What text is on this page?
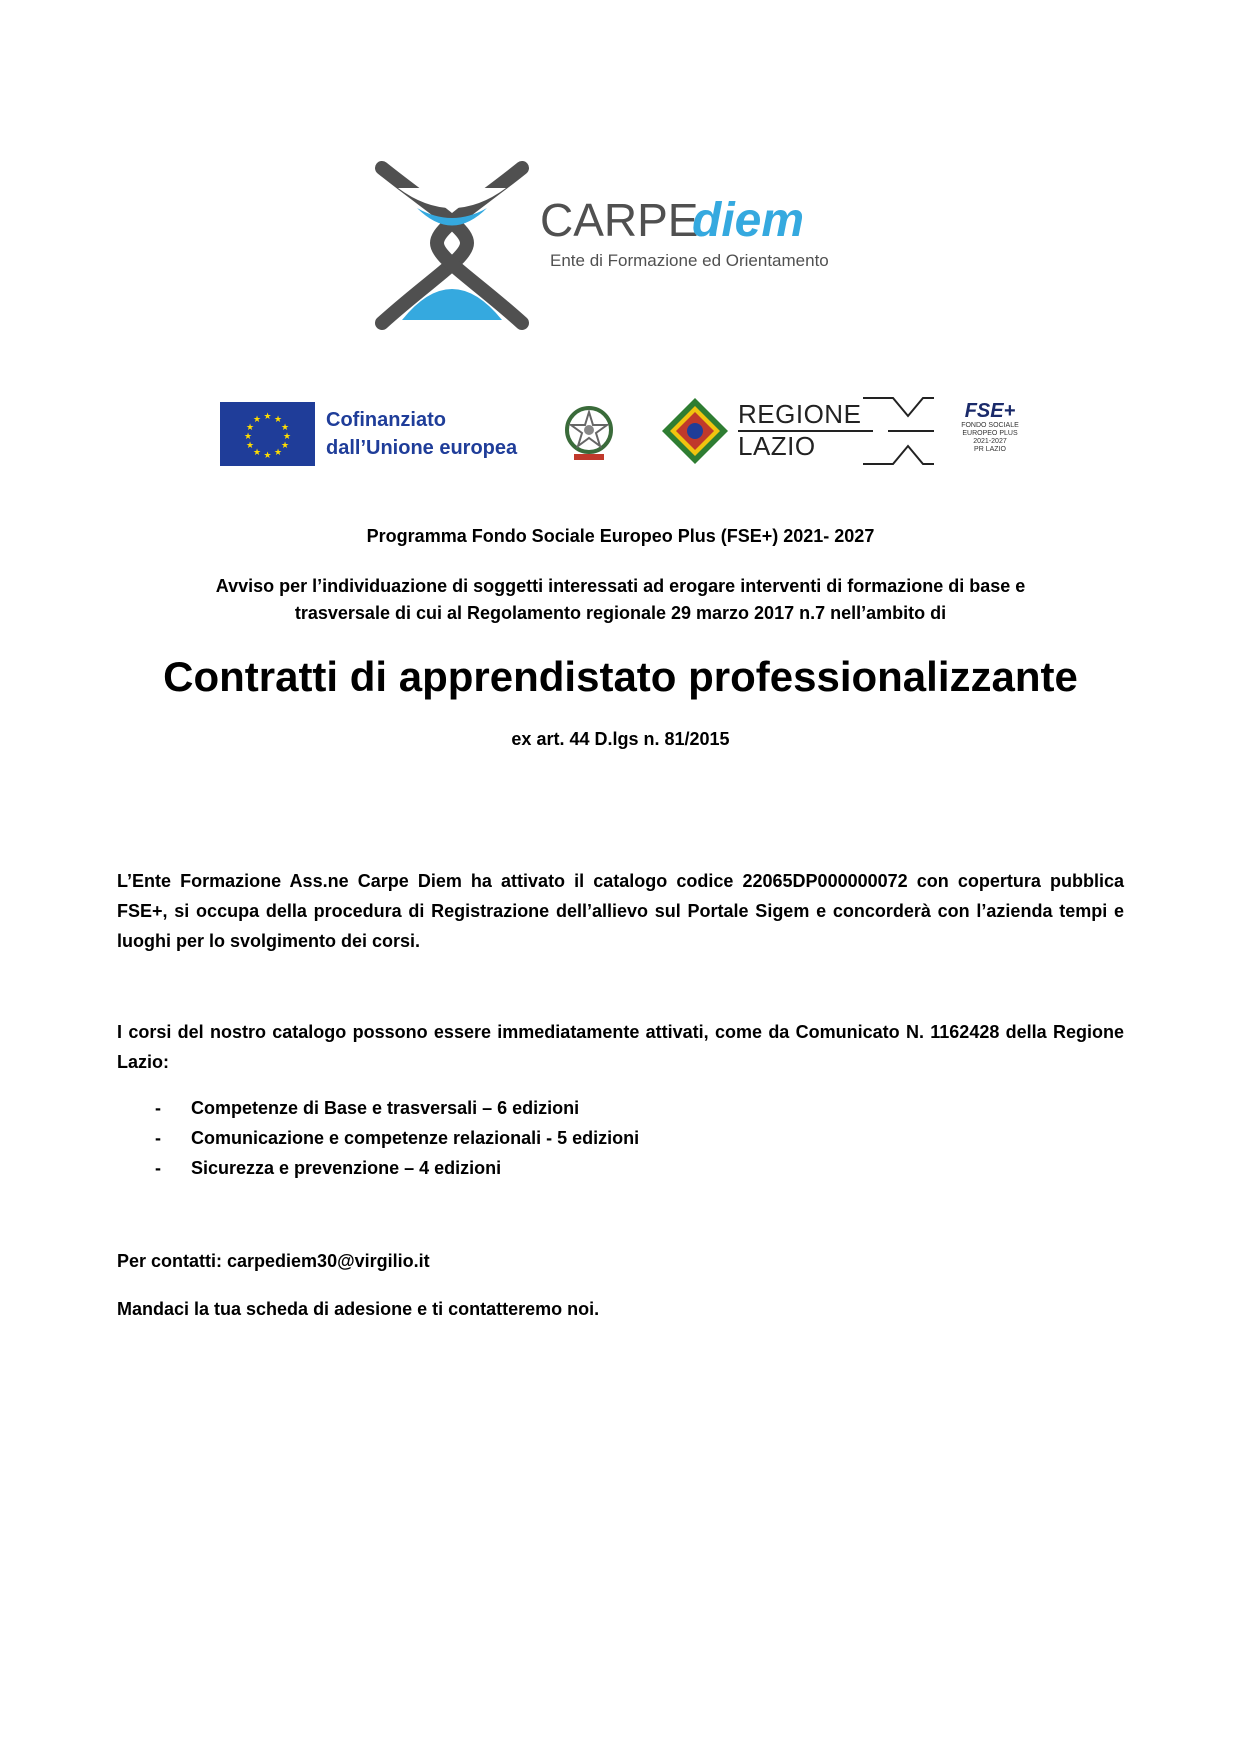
CARPE
diem
Ente di Formazione ed Orientamento
★ ★
★
★
★
★
★
★
★
★
★
★	Cofinanziato
dall’Unione europea
REGIONE
LAZIO
FSE+
FONDO SOCIALE
EUROPEO PLUS
2021-2027
PR LAZIO
Programma Fondo Sociale Europeo Plus (FSE+) 2021- 2027
Avviso per l’individuazione di soggetti interessati ad erogare interventi di formazione di base e
trasversale di cui al Regolamento regionale 29 marzo 2017 n.7 nell’ambito di
Contratti di apprendistato professionalizzante
ex art. 44 D.lgs n. 81/2015
L’Ente Formazione Ass.ne Carpe Diem ha attivato il catalogo codice 22065DP000000072 con copertura pubblica FSE+, si occupa della procedura di Registrazione dell’allievo sul Portale Sigem e concorderà con l’azienda tempi e luoghi per lo svolgimento dei corsi.
I corsi del nostro catalogo possono essere immediatamente attivati, come da Comunicato N. 1162428 della Regione Lazio:
- Competenze di Base e trasversali – 6 edizioni
- Comunicazione e competenze relazionali - 5 edizioni
- Sicurezza e prevenzione – 4 edizioni
Per contatti: carpediem30@virgilio.it
Mandaci la tua scheda di adesione e ti contatteremo noi.
